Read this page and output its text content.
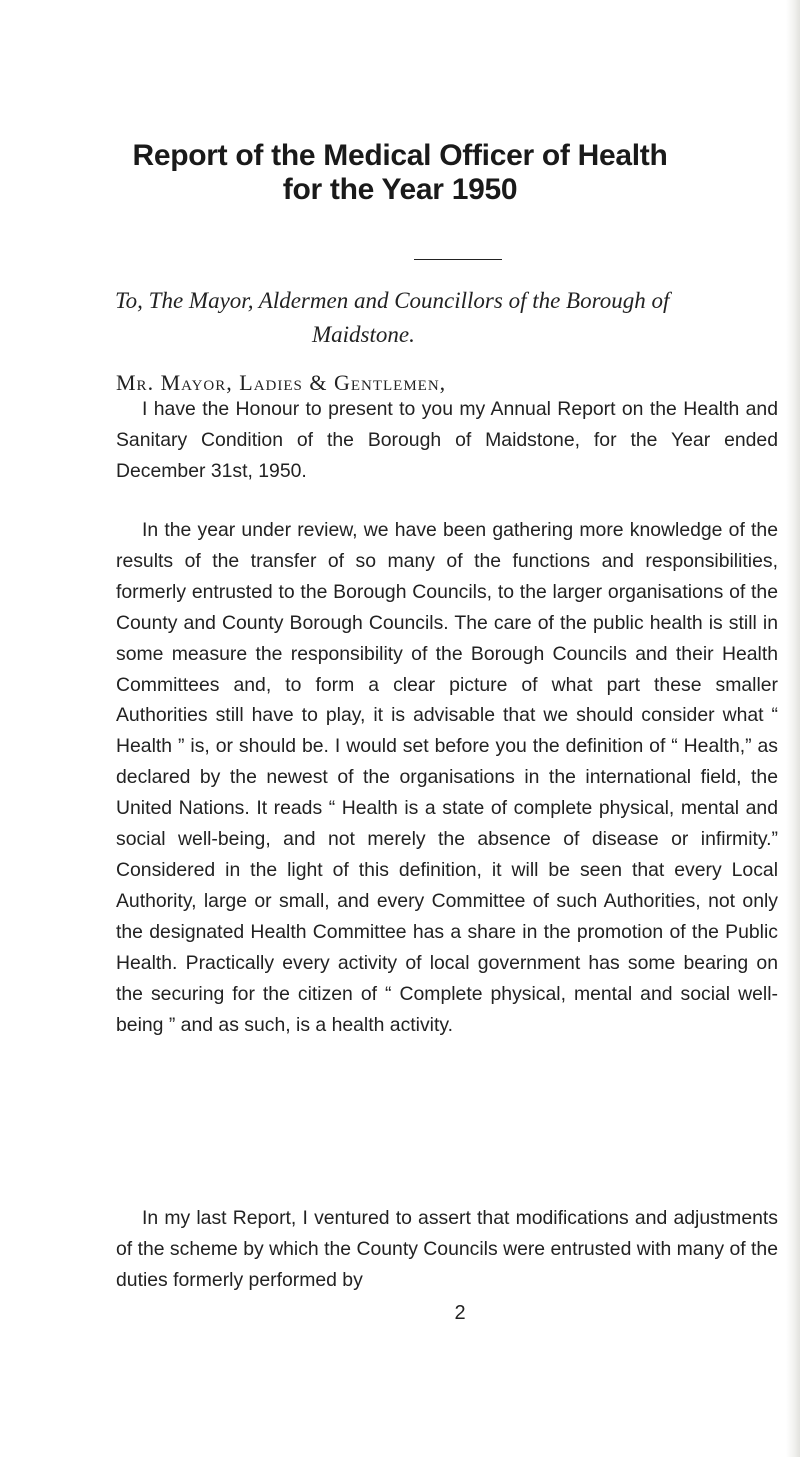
Report of the Medical Officer of Health
for the Year 1950

To, The Mayor, Aldermen and Councillors of the Borough of

Maidstone.

Mr. Mayor, Ladies & Gentlemen,

I have the Honour to present to you my Annual Report on the Health and Sanitary Condition of the Borough of Maidstone, for the Year ended December 31st, 1950.

In the year under review, we have been gathering more knowledge of the results of the transfer of so many of the functions and responsibilities, formerly entrusted to the Borough Councils, to the larger organisations of the County and County Borough Councils. The care of the public health is still in some measure the responsibility of the Borough Councils and their Health Committees and, to form a clear picture of what part these smaller Authorities still have to play, it is advisable that we should consider what “ Health ” is, or should be. I would set before you the definition of “ Health,” as declared by the newest of the organisations in the international field, the United Nations. It reads “ Health is a state of complete physical, mental and social well-being, and not merely the absence of disease or infirmity.” Considered in the light of this definition, it will be seen that every Local Authority, large or small, and every Committee of such Authorities, not only the designated Health Committee has a share in the promotion of the Public Health. Practically every activity of local government has some bearing on the securing for the citizen of “ Complete physical, mental and social well-being ” and as such, is a health activity.

In my last Report, I ventured to assert that modifications and adjustments of the scheme by which the County Councils were entrusted with many of the duties formerly performed by

2
